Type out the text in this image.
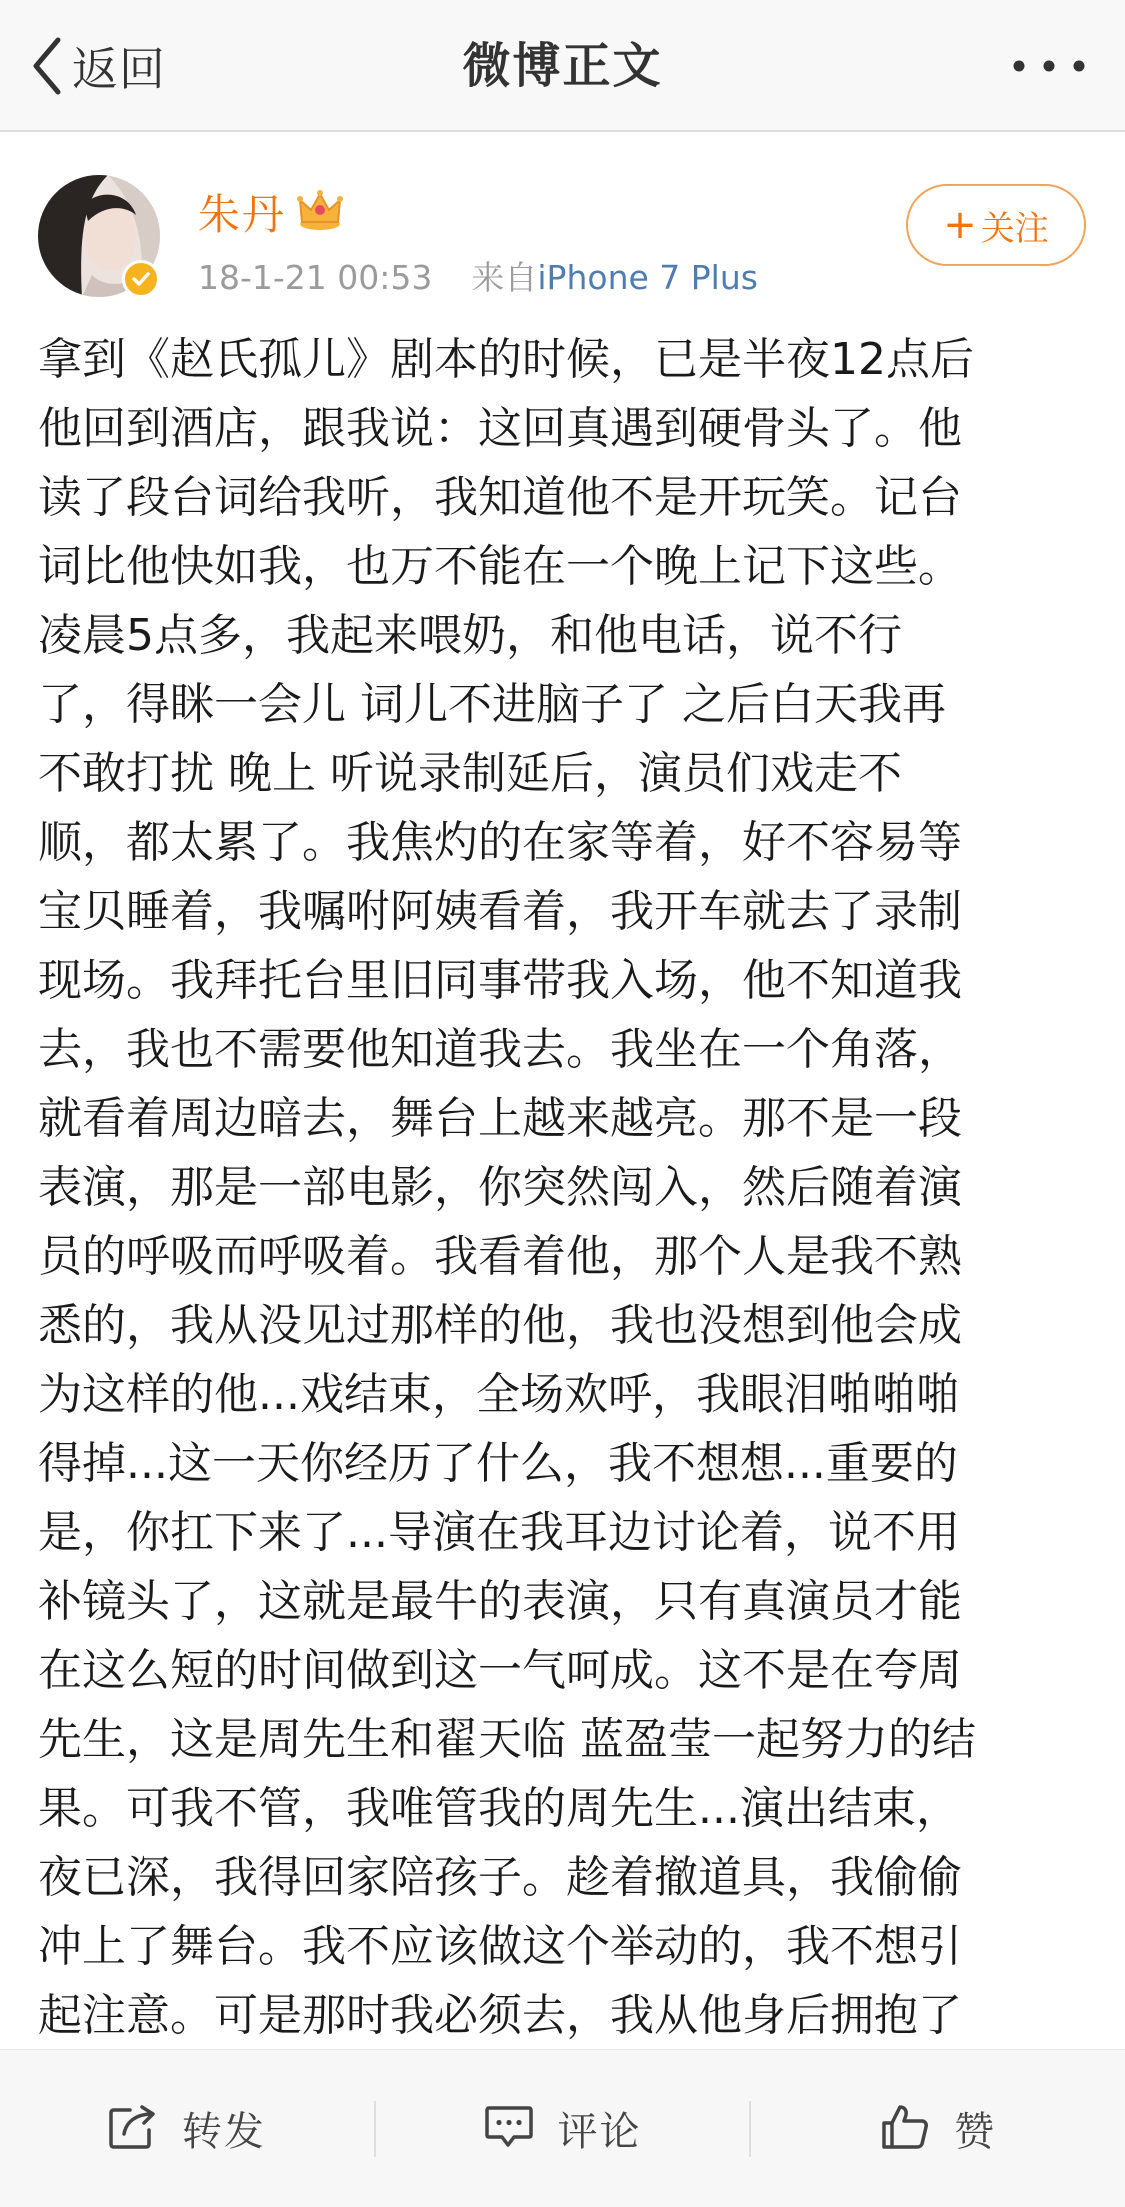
返回	微博正文
朱丹
18-1-21 00:53 来自iPhone 7 Plus
+ 关注
拿到《赵氏孤儿》剧本的时候，已是半夜12点后
他回到酒店，跟我说：这回真遇到硬骨头了。他
读了段台词给我听，我知道他不是开玩笑。记台
词比他快如我，也万不能在一个晚上记下这些。
凌晨5点多，我起来喂奶，和他电话，说不行
了，得眯一会儿 词儿不进脑子了 之后白天我再
不敢打扰 晚上 听说录制延后，演员们戏走不
顺，都太累了。我焦灼的在家等着，好不容易等
宝贝睡着，我嘱咐阿姨看着，我开车就去了录制
现场。我拜托台里旧同事带我入场，他不知道我
去，我也不需要他知道我去。我坐在一个角落，
就看着周边暗去，舞台上越来越亮。那不是一段
表演，那是一部电影，你突然闯入，然后随着演
员的呼吸而呼吸着。我看着他，那个人是我不熟
悉的，我从没见过那样的他，我也没想到他会成
为这样的他...戏结束，全场欢呼，我眼泪啪啪啪
得掉...这一天你经历了什么，我不想想...重要的
是，你扛下来了...导演在我耳边讨论着，说不用
补镜头了，这就是最牛的表演，只有真演员才能
在这么短的时间做到这一气呵成。这不是在夸周
先生，这是周先生和翟天临 蓝盈莹一起努力的结
果。可我不管，我唯管我的周先生...演出结束，
夜已深，我得回家陪孩子。趁着撤道具，我偷偷
冲上了舞台。我不应该做这个举动的，我不想引
起注意。可是那时我必须去，我从他身后拥抱了
转发	评论	赞
